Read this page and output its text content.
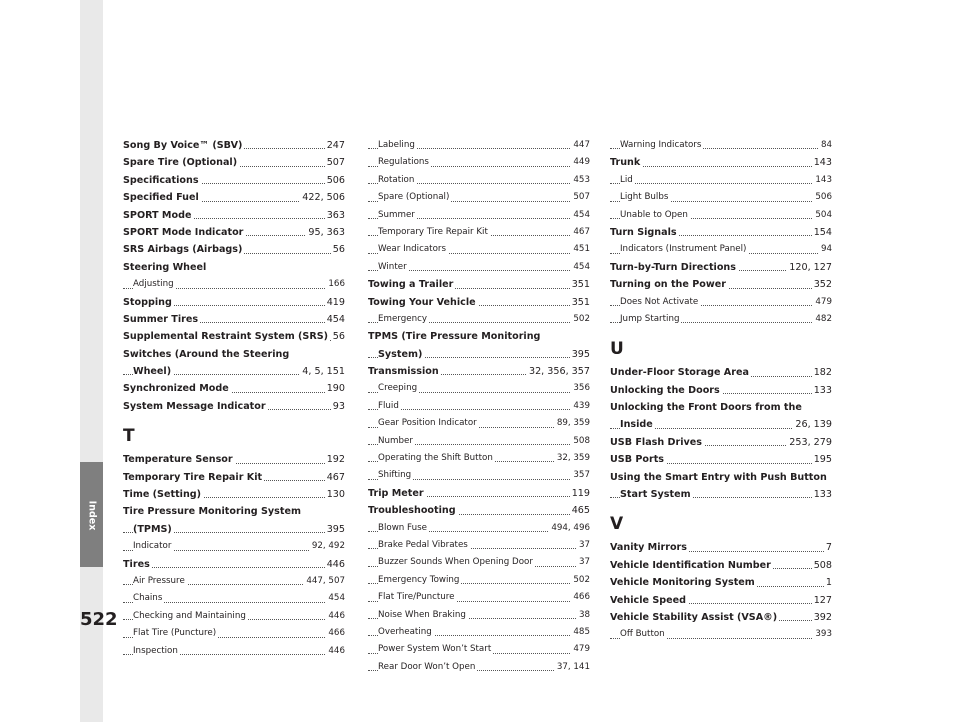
Index
522
Song By Voice™ (SBV)	247
Spare Tire (Optional)	507
Specifications	506
Specified Fuel	422, 506
SPORT Mode	363
SPORT Mode Indicator	95, 363
SRS Airbags (Airbags)	56
Steering Wheel
Adjusting	166
Stopping	419
Summer Tires	454
Supplemental Restraint System (SRS) 56
Switches (Around the Steering
Wheel)	4, 5, 151
Synchronized Mode	190
System Message Indicator	93
T
Temperature Sensor	192
Temporary Tire Repair Kit	467
Time (Setting)	130
Tire Pressure Monitoring System
(TPMS)	395
Indicator	92, 492
Tires	446
Air Pressure	447, 507
Chains	454
Checking and Maintaining	446
Flat Tire (Puncture)	466
Inspection	446
Labeling	447
Regulations	449
Rotation	453
Spare (Optional)	507
Summer	454
Temporary Tire Repair Kit	467
Wear Indicators	451
Winter	454
Towing a Trailer	351
Towing Your Vehicle	351
Emergency	502
TPMS (Tire Pressure Monitoring
System)	395
Transmission	32, 356, 357
Creeping	356
Fluid	439
Gear Position Indicator	89, 359
Number	508
Operating the Shift Button	32, 359
Shifting	357
Trip Meter	119
Troubleshooting	465
Blown Fuse	494, 496
Brake Pedal Vibrates	37
Buzzer Sounds When Opening Door	37
Emergency Towing	502
Flat Tire/Puncture	466
Noise When Braking	38
Overheating	485
Power System Won’t Start	479
Rear Door Won’t Open	37, 141
Warning Indicators	84
Trunk	143
Lid	143
Light Bulbs	506
Unable to Open	504
Turn Signals	154
Indicators (Instrument Panel)	94
Turn-by-Turn Directions	120, 127
Turning on the Power	352
Does Not Activate	479
Jump Starting	482
U
Under-Floor Storage Area	182
Unlocking the Doors	133
Unlocking the Front Doors from the
Inside	26, 139
USB Flash Drives	253, 279
USB Ports	195
Using the Smart Entry with Push Button
Start System	133
V
Vanity Mirrors	7
Vehicle Identification Number	508
Vehicle Monitoring System	1
Vehicle Speed	127
Vehicle Stability Assist (VSA®)	392
Off Button	393
